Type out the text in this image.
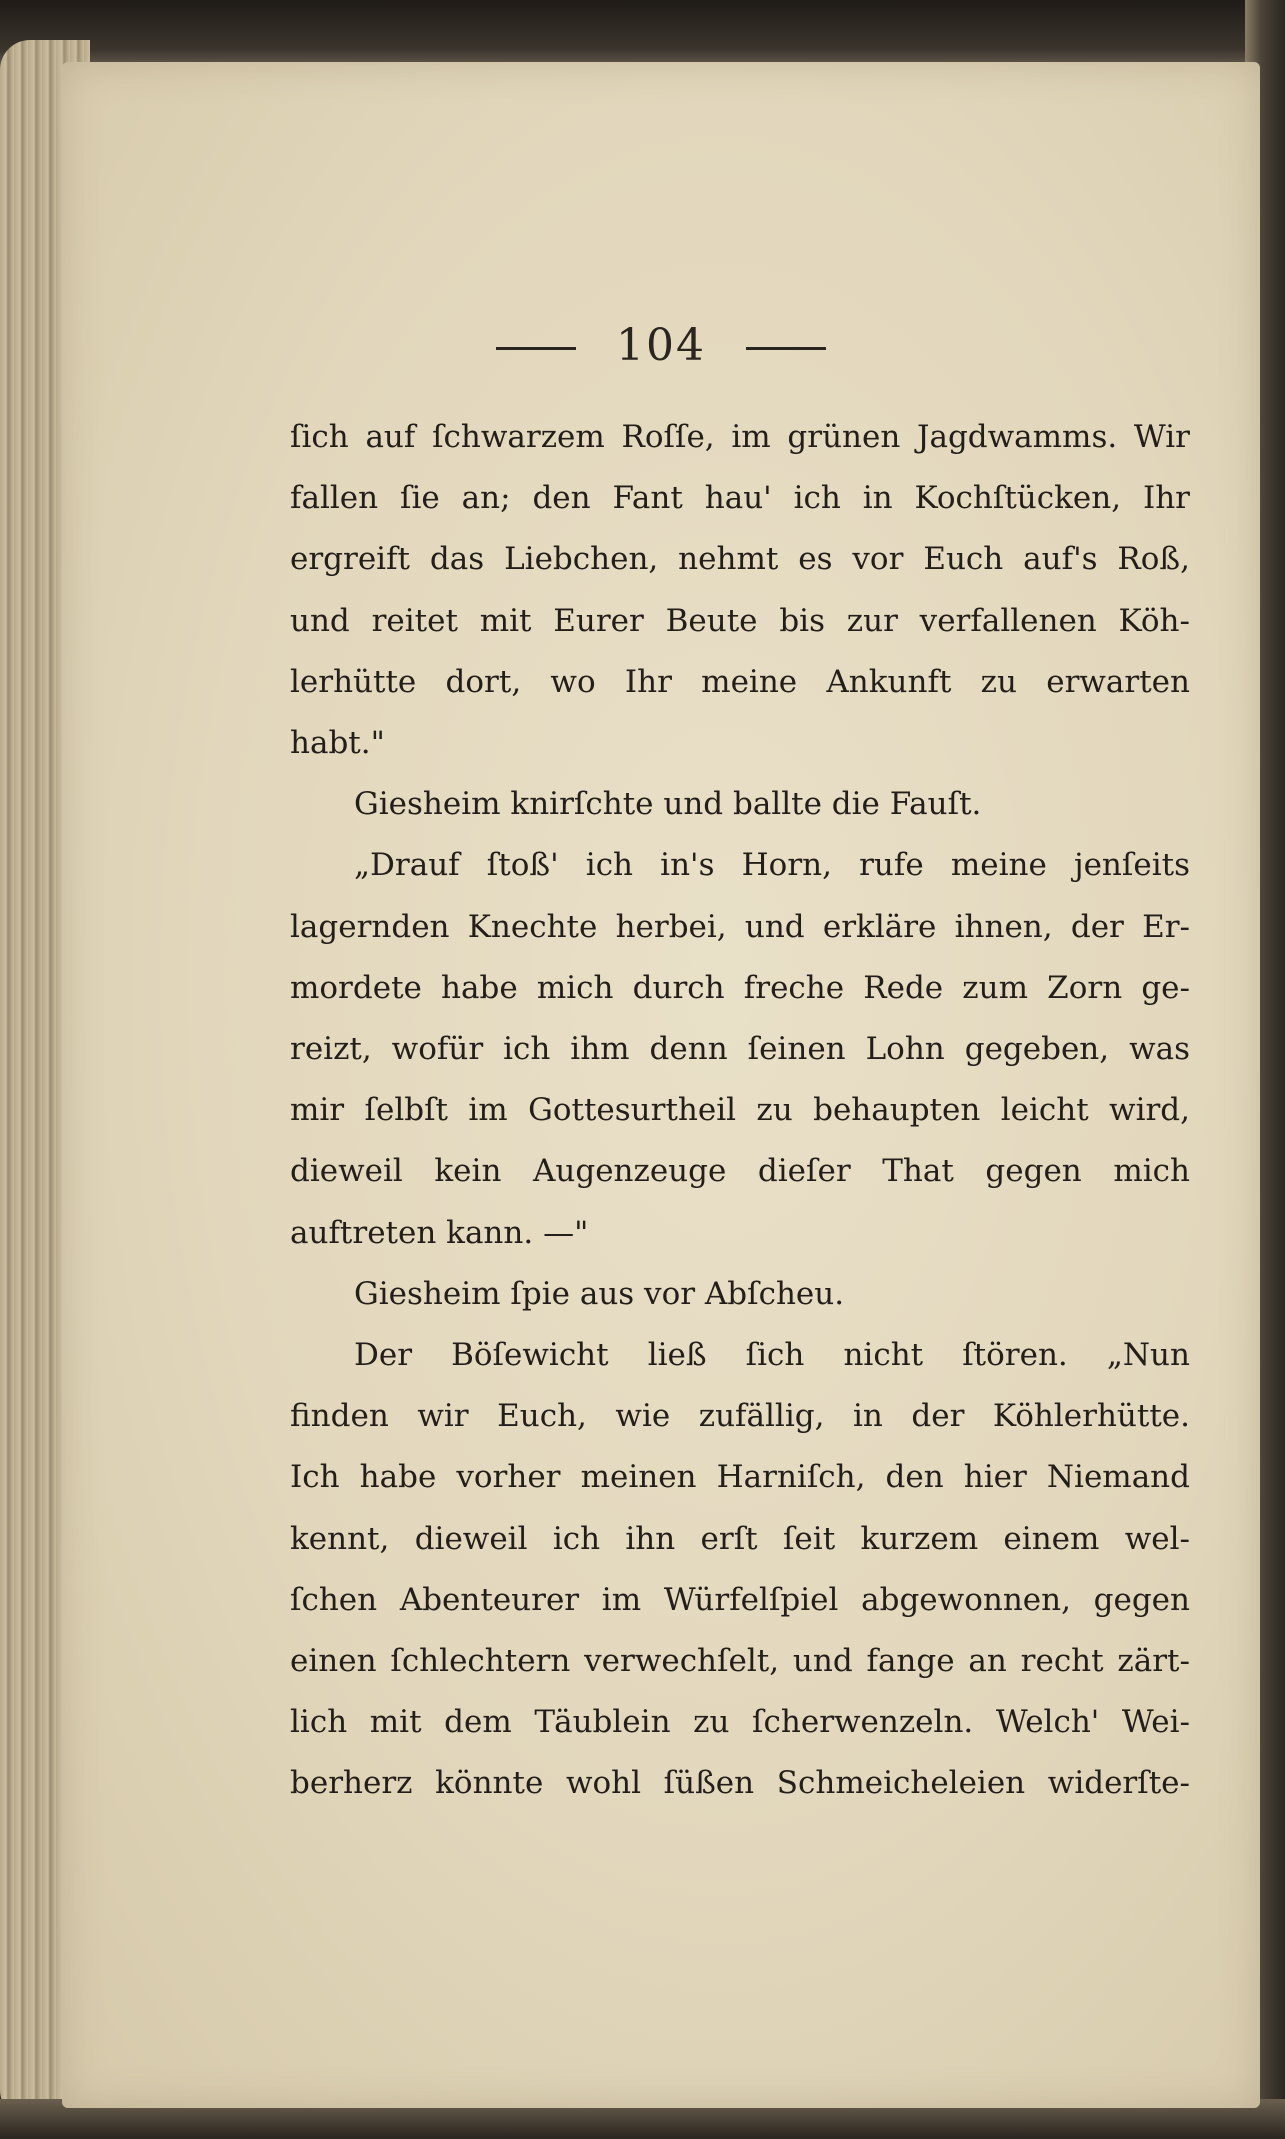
104
ſich auf ſchwarzem Roſſe, im grünen Jagdwamms. Wir
fallen ſie an; den Fant hau' ich in Kochſtücken, Ihr
ergreift das Liebchen, nehmt es vor Euch auf's Roß,
und reitet mit Eurer Beute bis zur verfallenen Köh-
lerhütte dort, wo Ihr meine Ankunft zu erwarten
habt."
Giesheim knirſchte und ballte die Fauſt.
„Drauf ſtoß' ich in's Horn, rufe meine jenſeits
lagernden Knechte herbei, und erkläre ihnen, der Er-
mordete habe mich durch freche Rede zum Zorn ge-
reizt, wofür ich ihm denn ſeinen Lohn gegeben, was
mir ſelbſt im Gottesurtheil zu behaupten leicht wird,
dieweil kein Augenzeuge dieſer That gegen mich
auftreten kann. —"
Giesheim ſpie aus vor Abſcheu.
Der Böſewicht ließ ſich nicht ſtören. „Nun
finden wir Euch, wie zufällig, in der Köhlerhütte.
Ich habe vorher meinen Harniſch, den hier Niemand
kennt, dieweil ich ihn erſt ſeit kurzem einem wel-
ſchen Abenteurer im Würfelſpiel abgewonnen, gegen
einen ſchlechtern verwechſelt, und fange an recht zärt-
lich mit dem Täublein zu ſcherwenzeln. Welch' Wei-
berherz könnte wohl ſüßen Schmeicheleien widerſte-
